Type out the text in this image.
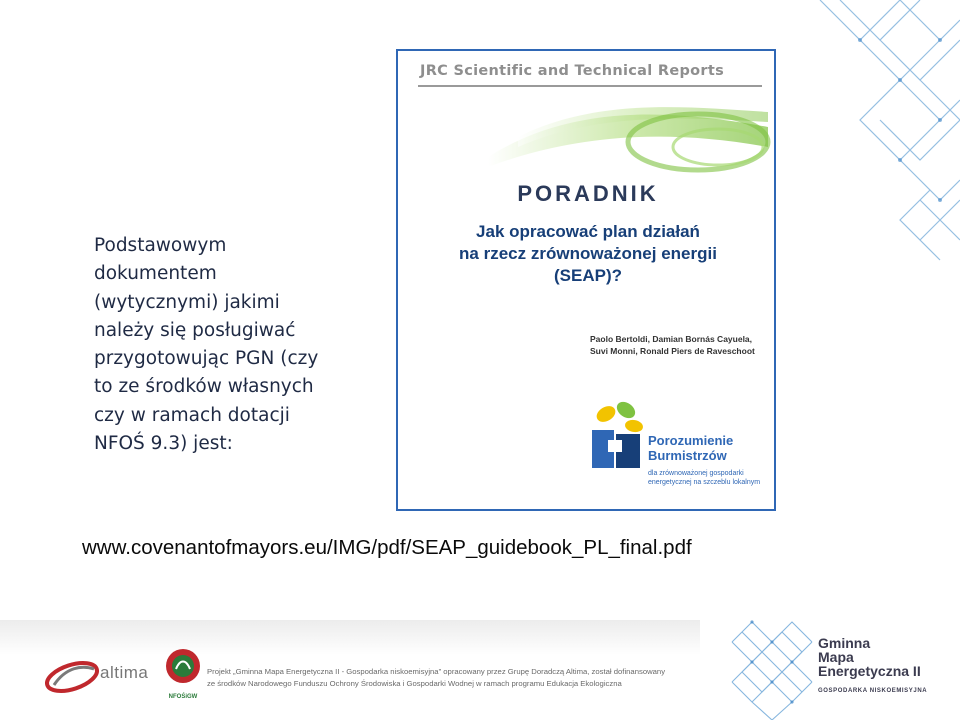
Podstawowym
dokumentem
(wytycznymi) jakimi
należy się posługiwać
przygotowując PGN (czy
to ze środków własnych
czy w ramach dotacji
NFOŚ 9.3) jest:
JRC Scientific and Technical Reports
PORADNIK
Jak opracować plan działań
na rzecz zrównoważonej energii
(SEAP)?
Paolo Bertoldi, Damian Bornás Cayuela,
Suvi Monni, Ronald Piers de Raveschoot
Porozumienie
Burmistrzów
dla zrównoważonej gospodarki
energetycznej na szczeblu lokalnym
www.covenantofmayors.eu/IMG/pdf/SEAP_guidebook_PL_final.pdf
altima
NFOŚiGW
Projekt „Gminna Mapa Energetyczna II - Gospodarka niskoemisyjna” opracowany przez Grupę Doradczą Altima, został dofinansowany
ze środków Narodowego Funduszu Ochrony Środowiska i Gospodarki Wodnej w ramach programu Edukacja Ekologiczna
Gminna
Mapa
Energetyczna II
GOSPODARKA NISKOEMISYJNA
